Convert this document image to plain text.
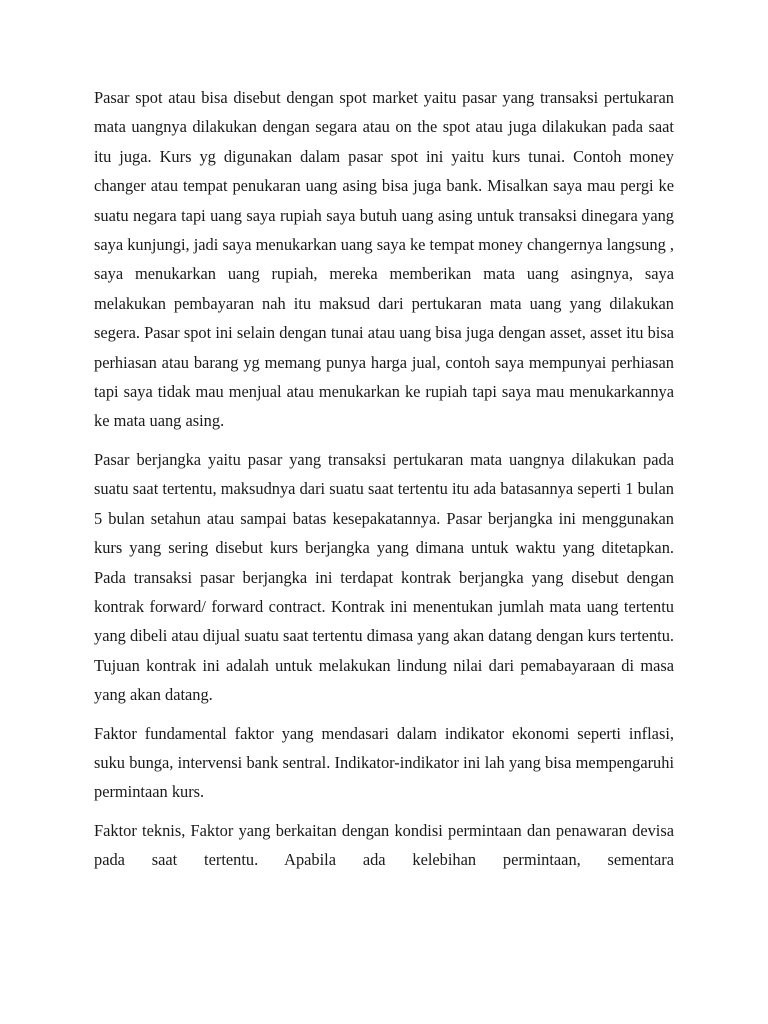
Pasar spot atau bisa disebut dengan spot market yaitu pasar yang transaksi pertukaran mata uangnya dilakukan dengan segara atau on the spot atau juga dilakukan pada saat itu juga. Kurs yg digunakan dalam pasar spot ini yaitu kurs tunai. Contoh money changer atau tempat penukaran uang asing bisa juga bank. Misalkan saya mau pergi ke suatu negara tapi uang saya rupiah saya butuh uang asing untuk transaksi dinegara yang saya kunjungi, jadi saya menukarkan uang saya ke tempat money changernya langsung , saya menukarkan uang rupiah, mereka memberikan mata uang asingnya, saya melakukan pembayaran nah itu maksud dari pertukaran mata uang yang dilakukan segera. Pasar spot ini selain dengan tunai atau uang bisa juga dengan asset, asset itu bisa perhiasan atau barang yg memang punya harga jual, contoh saya mempunyai perhiasan tapi saya tidak mau menjual atau menukarkan ke rupiah tapi saya mau menukarkannya ke mata uang asing.

Pasar berjangka yaitu pasar yang transaksi pertukaran mata uangnya dilakukan pada suatu saat tertentu, maksudnya dari suatu saat tertentu itu ada batasannya seperti 1 bulan 5 bulan setahun atau sampai batas kesepakatannya. Pasar berjangka ini menggunakan kurs yang sering disebut kurs berjangka yang dimana untuk waktu yang ditetapkan. Pada transaksi pasar berjangka ini terdapat kontrak berjangka yang disebut dengan kontrak forward/ forward contract. Kontrak ini menentukan jumlah mata uang tertentu yang dibeli atau dijual suatu saat tertentu dimasa yang akan datang dengan kurs tertentu. Tujuan kontrak ini adalah untuk melakukan lindung nilai dari pemabayaraan di masa yang akan datang.

Faktor fundamental faktor yang mendasari dalam indikator ekonomi seperti inflasi, suku bunga, intervensi bank sentral. Indikator-indikator ini lah yang bisa mempengaruhi permintaan kurs.

Faktor teknis, Faktor yang berkaitan dengan kondisi permintaan dan penawaran devisa pada saat tertentu. Apabila ada kelebihan permintaan, sementara
